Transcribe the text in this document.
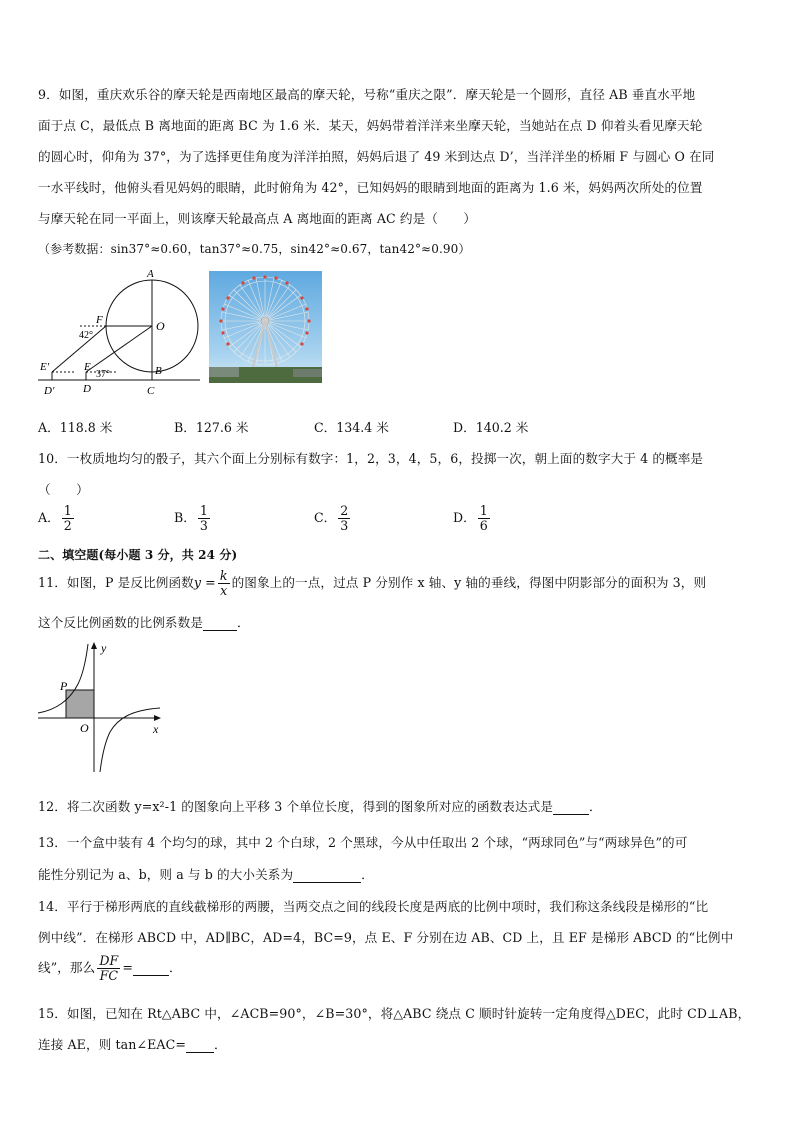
9．如图，重庆欢乐谷的摩天轮是西南地区最高的摩天轮，号称“重庆之限”．摩天轮是一个圆形，直径 AB 垂直水平地
面于点 C，最低点 B 离地面的距离 BC 为 1.6 米．某天，妈妈带着洋洋来坐摩天轮，当她站在点 D 仰着头看见摩天轮
的圆心时，仰角为 37°，为了选择更佳角度为洋洋拍照，妈妈后退了 49 米到达点 D’，当洋洋坐的桥厢 F 与圆心 O 在同
一水平线时，他俯头看见妈妈的眼睛，此时俯角为 42°，已知妈妈的眼睛到地面的距离为 1.6 米，妈妈两次所处的位置
与摩天轮在同一平面上，则该摩天轮最高点 A 离地面的距离 AC 约是（　　）
（参考数据：sin37°≈0.60，tan37°≈0.75，sin42°≈0.67，tan42°≈0.90）
A
O
F
42°
B
C
E
37°
D
E′
D′
A．118.8 米	B．127.6 米	C．134.4 米	D．140.2 米
10．一枚质地均匀的骰子，其六个面上分别标有数字：1，2，3，4，5，6，投掷一次，朝上面的数字大于 4 的概率是
（　　）
A． $\frac{1}{2}$	B． $\frac{1}{3}$	C． $\frac{2}{3}$	D． $\frac{1}{6}$
二、填空题(每小题 3 分，共 24 分)
11．如图，P 是反比例函数$y = \frac{k}{x}$ 的图象上的一点，过点 P 分别作 x 轴、y 轴的垂线，得图中阴影部分的面积为 3，则
这个反比例函数的比例系数是	．
y
x
P
O
12．将二次函数 y=x²-1 的图象向上平移 3 个单位长度，得到的图象所对应的函数表达式是	．
13．一个盒中装有 4 个均匀的球，其中 2 个白球，2 个黑球，今从中任取出 2 个球，“两球同色”与“两球异色”的可
能性分别记为 a、b，则 a 与 b 的大小关系为	．
14．平行于梯形两底的直线截梯形的两腰，当两交点之间的线段长度是两底的比例中项时，我们称这条线段是梯形的“比
例中线”．在梯形 ABCD 中，AD∥BC，AD=4，BC=9，点 E、F 分别在边 AB、CD 上，且 EF 是梯形 ABCD 的“比例中
线”，那么 $\frac{DF}{FC}$ =	．
15．如图，已知在 Rt△ABC 中，∠ACB=90°，∠B=30°，将△ABC 绕点 C 顺时针旋转一定角度得△DEC，此时 CD⊥AB，
连接 AE，则 tan∠EAC= ．
